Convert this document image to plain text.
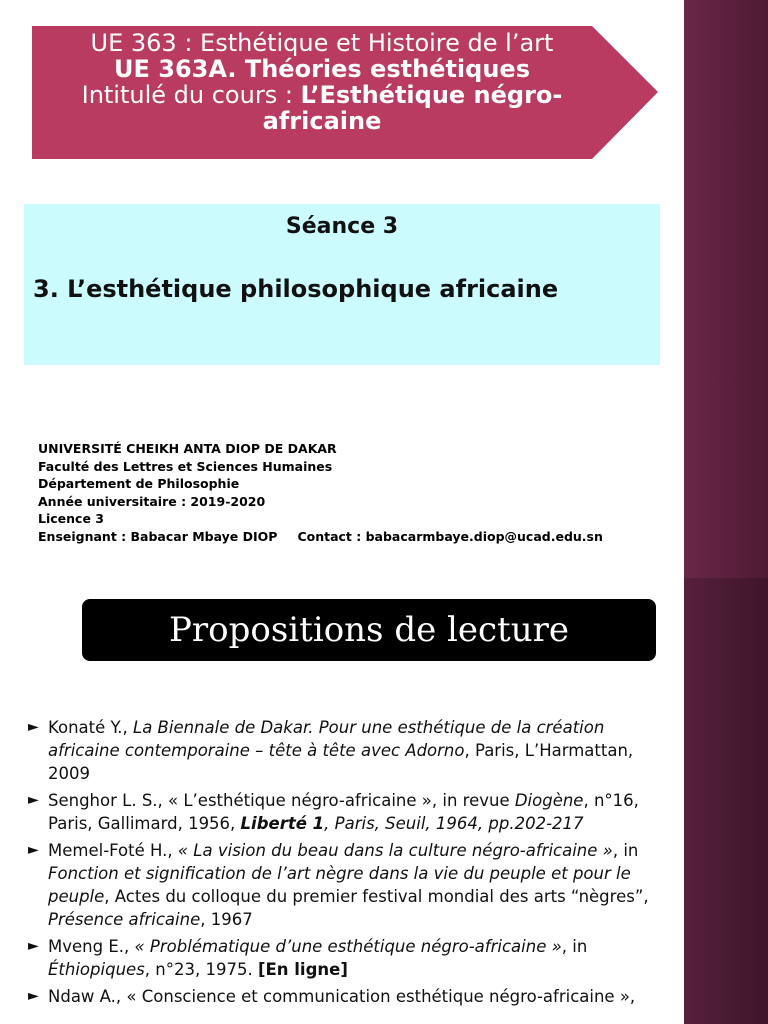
UE 363 : Esthétique et Histoire de l’art
UE 363A. Théories esthétiques
Intitulé du cours : L’Esthétique négro-
africaine
Séance 3
3. L’esthétique philosophique africaine
UNIVERSITÉ CHEIKH ANTA DIOP DE DAKAR
Faculté des Lettres et Sciences Humaines
Département de Philosophie
Année universitaire : 2019-2020
Licence 3
Enseignant : Babacar Mbaye DIOP Contact : babacarmbaye.diop@ucad.edu.sn
Propositions de lecture
► Konaté Y., La Biennale de Dakar. Pour une esthétique de la création africaine contemporaine – tête à tête avec Adorno, Paris, L’Harmattan, 2009
► Senghor L. S., « L’esthétique négro-africaine », in revue Diogène, n°16, Paris, Gallimard, 1956, Liberté 1, Paris, Seuil, 1964, pp.202-217
► Memel-Foté H., « La vision du beau dans la culture négro-africaine », in Fonction et signification de l’art nègre dans la vie du peuple et pour le peuple, Actes du colloque du premier festival mondial des arts “nègres”, Présence africaine, 1967
► Mveng E., « Problématique d’une esthétique négro-africaine », in Éthiopiques, n°23, 1975. [En ligne]
► Ndaw A., « Conscience et communication esthétique négro-africaine »,
